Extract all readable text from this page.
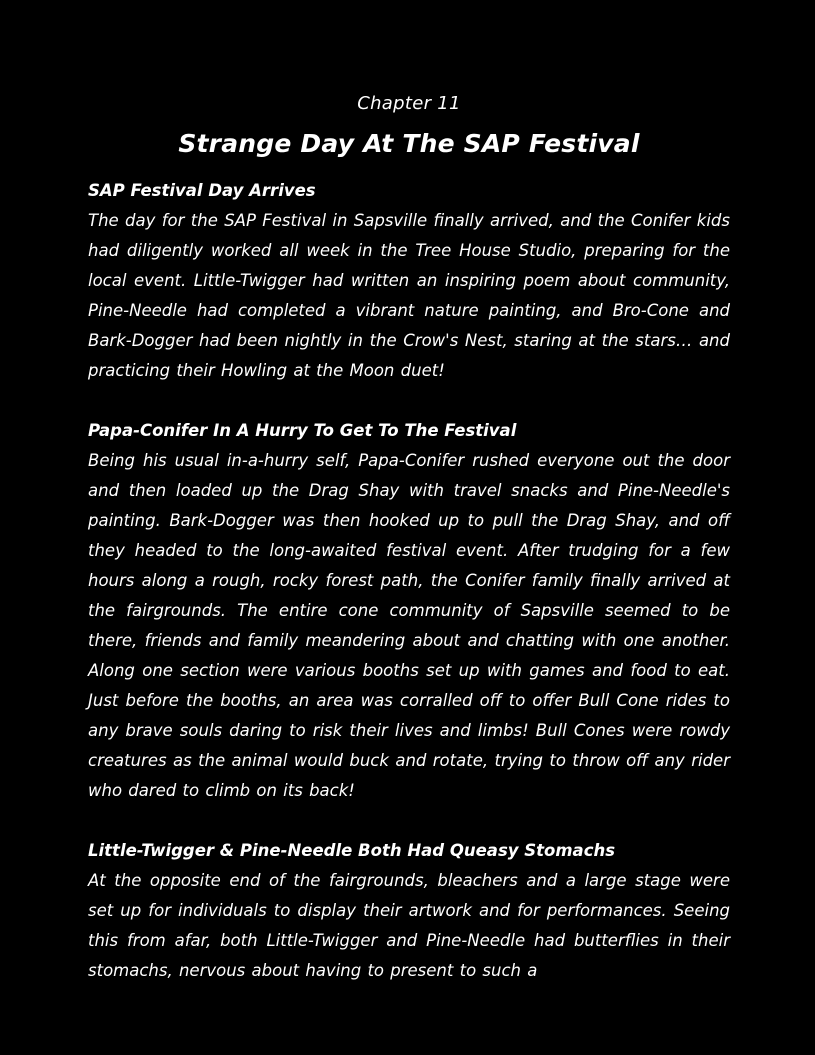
Chapter 11

Strange Day At The SAP Festival
SAP Festival Day Arrives

The day for the SAP Festival in Sapsville finally arrived, and the Conifer kids had diligently worked all week in the Tree House Studio, preparing for the local event. Little-Twigger had written an inspiring poem about community, Pine-Needle had completed a vibrant nature painting, and Bro-Cone and Bark-Dogger had been nightly in the Crow's Nest, staring at the stars… and practicing their Howling at the Moon duet!

Papa-Conifer In A Hurry To Get To The Festival

Being his usual in-a-hurry self, Papa-Conifer rushed everyone out the door and then loaded up the Drag Shay with travel snacks and Pine-Needle's painting. Bark-Dogger was then hooked up to pull the Drag Shay, and off they headed to the long-awaited festival event. After trudging for a few hours along a rough, rocky forest path, the Conifer family finally arrived at the fairgrounds. The entire cone community of Sapsville seemed to be there, friends and family meandering about and chatting with one another. Along one section were various booths set up with games and food to eat. Just before the booths, an area was corralled off to offer Bull Cone rides to any brave souls daring to risk their lives and limbs! Bull Cones were rowdy creatures as the animal would buck and rotate, trying to throw off any rider who dared to climb on its back!

Little-Twigger & Pine-Needle Both Had Queasy Stomachs

At the opposite end of the fairgrounds, bleachers and a large stage were set up for individuals to display their artwork and for performances. Seeing this from afar, both Little-Twigger and Pine-Needle had butterflies in their stomachs, nervous about having to present to such a
